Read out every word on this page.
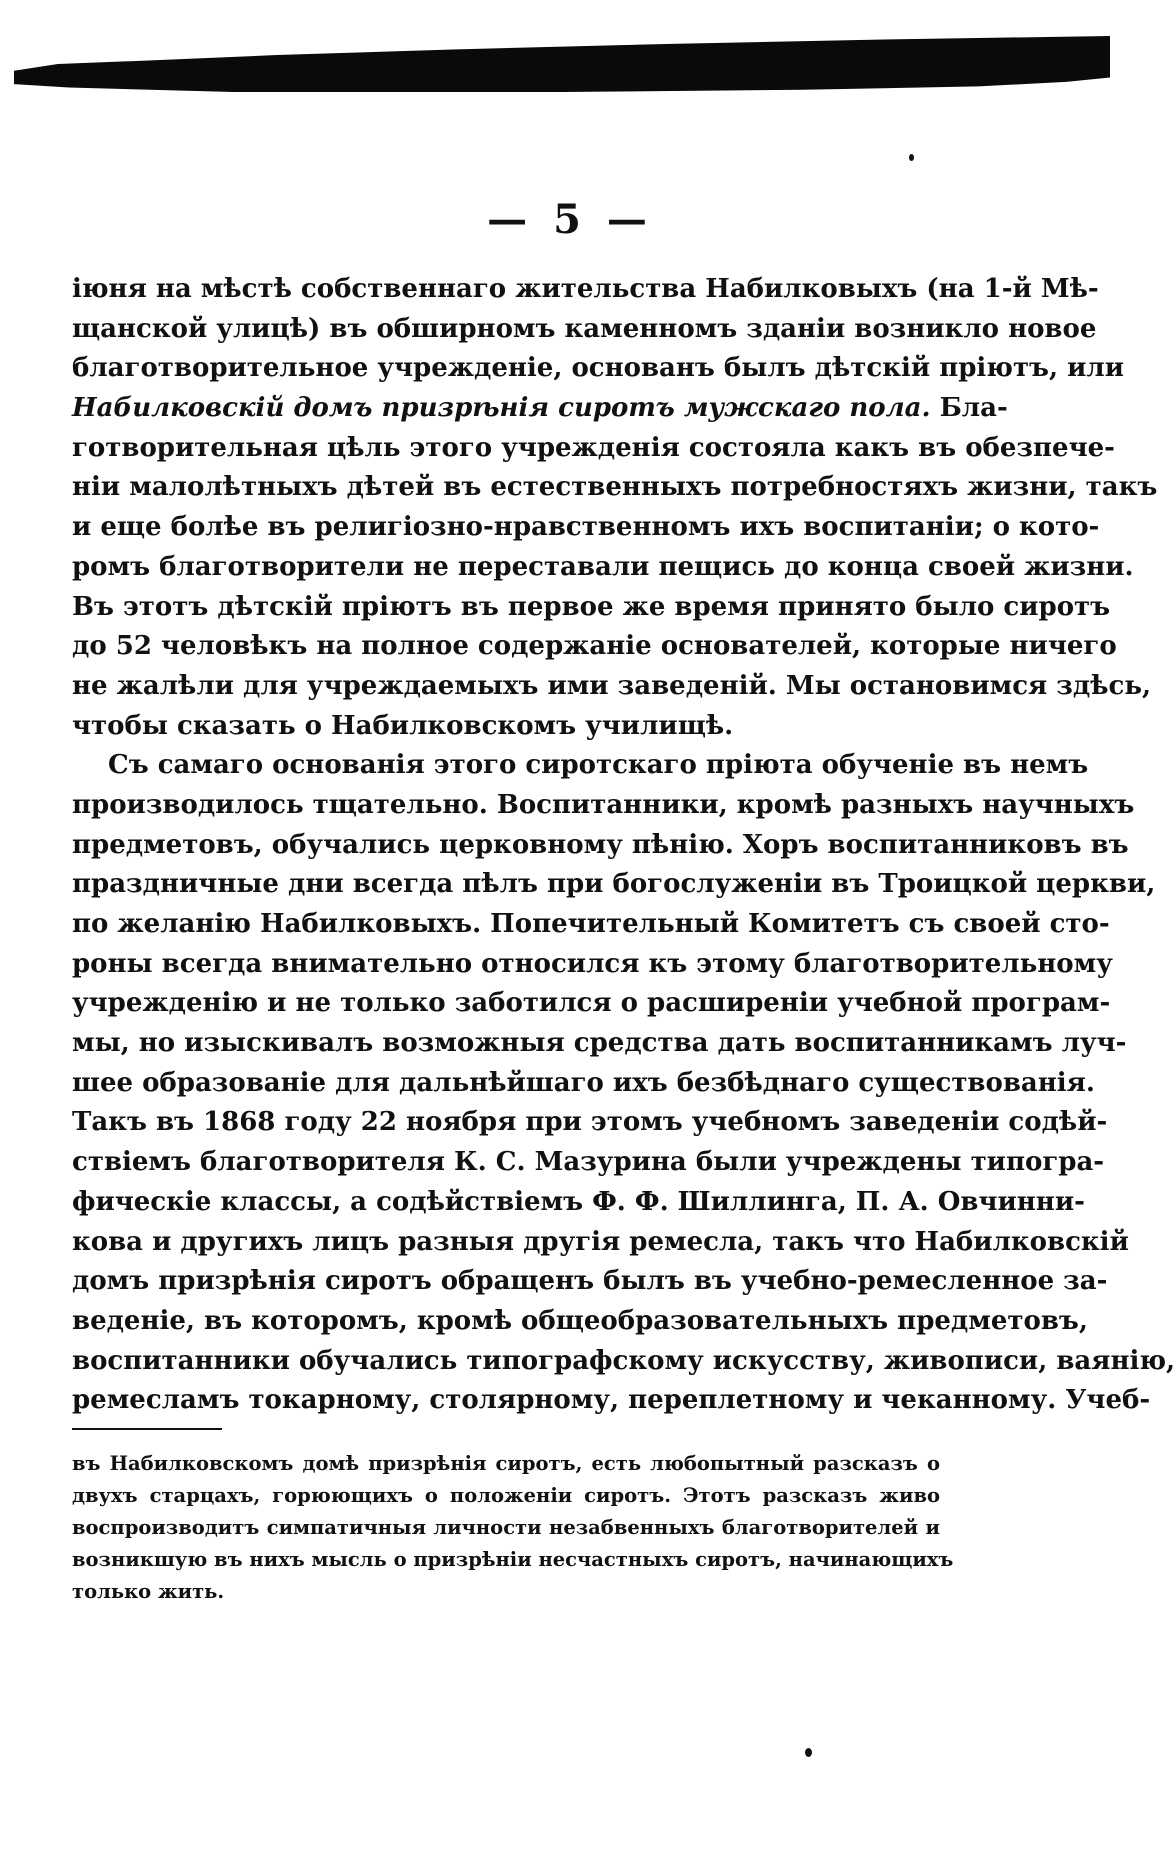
— 5 —
іюня на мѣстѣ собственнаго жительства Набилковыхъ (на 1-й Мѣ-
щанской улицѣ) въ обширномъ каменномъ зданіи возникло новое
благотворительное учрежденіе, основанъ былъ дѣтскій пріютъ, или
Набилковскій домъ призрѣнія сиротъ мужскаго пола. Бла-
готворительная цѣль этого учрежденія состояла какъ въ обезпече-
ніи малолѣтныхъ дѣтей въ естественныхъ потребностяхъ жизни, такъ
и еще болѣе въ религіозно-нравственномъ ихъ воспитаніи; о кото-
ромъ благотворители не переставали пещись до конца своей жизни.
Въ этотъ дѣтскій пріютъ въ первое же время принято было сиротъ
до 52 человѣкъ на полное содержаніе основателей, которые ничего
не жалѣли для учреждаемыхъ ими заведеній. Мы остановимся здѣсь,
чтобы сказать о Набилковскомъ училищѣ.
Съ самаго основанія этого сиротскаго пріюта обученіе въ немъ
производилось тщательно. Воспитанники, кромѣ разныхъ научныхъ
предметовъ, обучались церковному пѣнію. Хоръ воспитанниковъ въ
праздничные дни всегда пѣлъ при богослуженіи въ Троицкой церкви,
по желанію Набилковыхъ. Попечительный Комитетъ съ своей сто-
роны всегда внимательно относился къ этому благотворительному
учрежденію и не только заботился о расширеніи учебной програм-
мы, но изыскивалъ возможныя средства дать воспитанникамъ луч-
шее образованіе для дальнѣйшаго ихъ безбѣднаго существованія.
Такъ въ 1868 году 22 ноября при этомъ учебномъ заведеніи содѣй-
ствіемъ благотворителя К. С. Мазурина были учреждены типогра-
фическіе классы, а содѣйствіемъ Ф. Ф. Шиллинга, П. А. Овчинни-
кова и другихъ лицъ разныя другія ремесла, такъ что Набилковскій
домъ призрѣнія сиротъ обращенъ былъ въ учебно-ремесленное за-
веденіе, въ которомъ, кромѣ общеобразовательныхъ предметовъ,
воспитанники обучались типографскому искусству, живописи, ваянію,
ремесламъ токарному, столярному, переплетному и чеканному. Учеб-
въ Набилковскомъ домѣ призрѣнія сиротъ, есть любопытный разсказъ о
двухъ старцахъ, горюющихъ о положеніи сиротъ. Этотъ разсказъ живо
воспроизводитъ симпатичныя личности незабвенныхъ благотворителей и
возникшую въ нихъ мысль о призрѣніи несчастныхъ сиротъ, начинающихъ
только жить.
